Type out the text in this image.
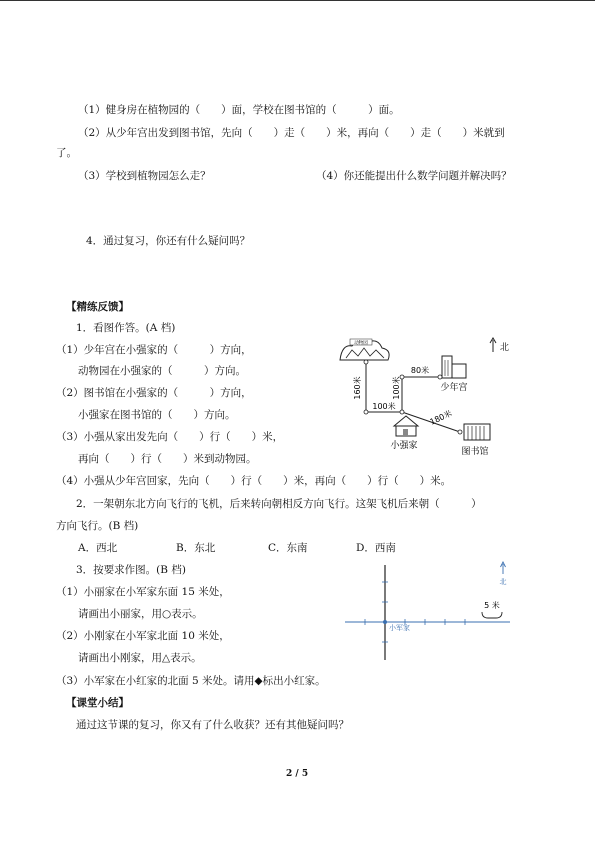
（1）健身房在植物园的（　　）面，学校在图书馆的（　　　）面。
（2）从少年宫出发到图书馆，先向（　　）走（　　）米，再向（　　）走（　　）米就到
了。
（3）学校到植物园怎么走？	（4）你还能提出什么数学问题并解决吗？
4．通过复习，你还有什么疑问吗？
【精练反馈】
1．看图作答。(A 档)
（1）少年宫在小强家的（　　　）方向，
动物园在小强家的（　　　）方向。
（2）图书馆在小强家的（　　　）方向，
小强家在图书馆的（　　）方向。
（3）小强从家出发先向（　　）行（　　）米，
再向（　　）行（　　）米到动物园。
（4）小强从少年宫回家，先向（　　）行（　　）米，再向（　　）行（　　）米。
2．一架朝东北方向飞行的飞机，后来转向朝相反方向飞行。这架飞机后来朝（　　　）
方向飞行。(B 档)
A．西北	B．东北	C．东南	D．西南
3．按要求作图。(B 档)
（1）小丽家在小军家东面 15 米处，
请画出小丽家，用○表示。
（2）小刚家在小军家北面 10 米处，
请画出小刚家，用△表示。
（3）小军家在小红家的北面 5 米处。请用◆标出小红家。
【课堂小结】
通过这节课的复习，你又有了什么收获？还有其他疑问吗？
动物园
160米
100米
100米
80米
180米
少年宫
小强家
图书馆
北
小军家
5 米
北
2 / 5
